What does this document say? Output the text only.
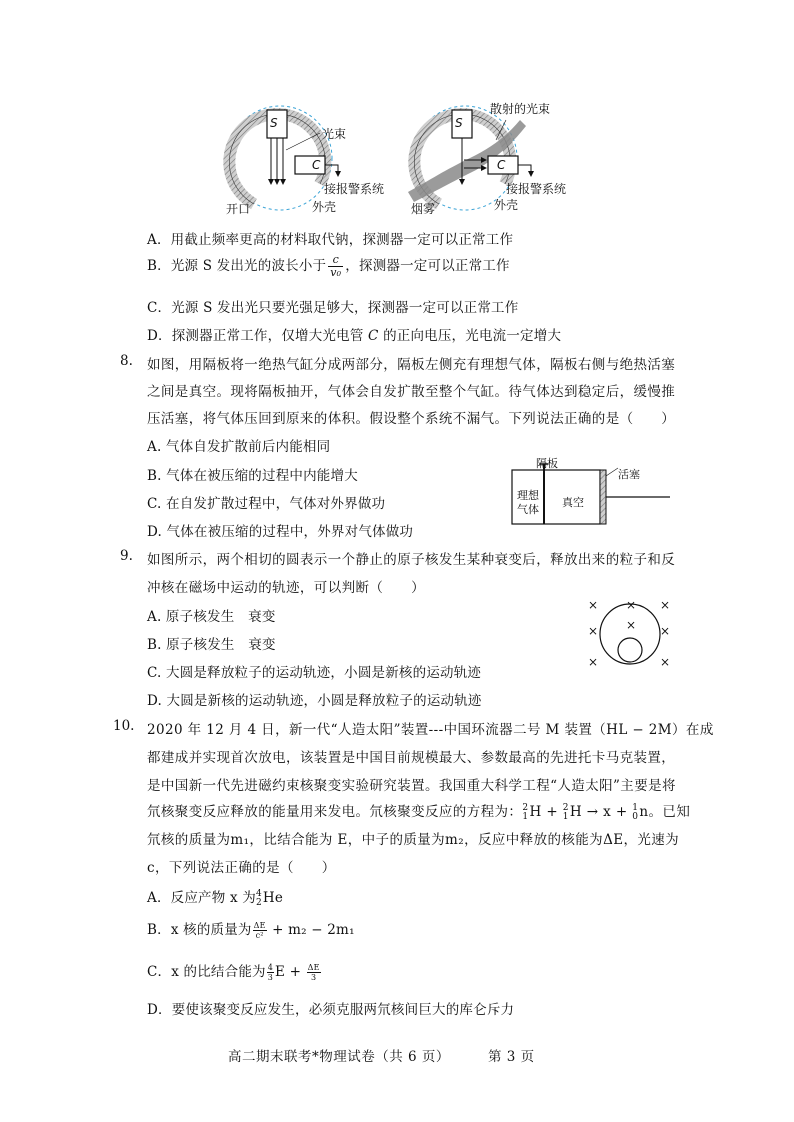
S
C
光束
接报警系统
开口	外壳
S
C
散射的光束
接报警系统
烟雾	外壳
A．用截止频率更高的材料取代钠，探测器一定可以正常工作
B．光源 S 发出光的波长小于 $\frac{c}{\text{v₀}}$ ，探测器一定可以正常工作
C．光源 S 发出光只要光强足够大，探测器一定可以正常工作
D．探测器正常工作，仅增大光电管 C 的正向电压，光电流一定增大
8. 如图，用隔板将一绝热气缸分成两部分，隔板左侧充有理想气体，隔板右侧与绝热活塞
之间是真空。现将隔板抽开，气体会自发扩散至整个气缸。待气体达到稳定后，缓慢推
压活塞，将气体压回到原来的体积。假设整个系统不漏气。下列说法正确的是（　　）
A. 气体自发扩散前后内能相同
B. 气体在被压缩的过程中内能增大
C. 在自发扩散过程中，气体对外界做功
D. 气体在被压缩的过程中，外界对气体做功
隔板
活塞
理想
气体
真空
9. 如图所示，两个相切的圆表示一个静止的原子核发生某种衰变后，释放出来的粒子和反
冲核在磁场中运动的轨迹，可以判断（　　）
A. 原子核发生　衰变
B. 原子核发生　衰变
C. 大圆是释放粒子的运动轨迹，小圆是新核的运动轨迹
D. 大圆是新核的运动轨迹，小圆是释放粒子的运动轨迹
× × ×
× × ×
×	×
10. 2020 年 12 月 4 日，新一代“人造太阳”装置---中国环流器二号 M 装置（HL − 2M）在成
都建成并实现首次放电，该装置是中国目前规模最大、参数最高的先进托卡马克装置，
是中国新一代先进磁约束核聚变实验研究装置。我国重大科学工程“人造太阳”主要是将
氘核聚变反应释放的能量用来发电。氘核聚变反应的方程为： 2
1 H + 2
1 H → x + 1
0 n。已知
氘核的质量为m₁，比结合能为 E，中子的质量为m₂，反应中释放的核能为ΔE，光速为
c，下列说法正确的是（　　）
A．反应产物 x 为 4
2 He
B．x 核的质量为 $\frac{\Delta E}{\text{c²}} + m_2 - 2m_1$
C．x 的比结合能为 $\frac{4}{3}$ $E + \frac{\Delta E}{3}$
D．要使该聚变反应发生，必须克服两氘核间巨大的库仑斥力
高二期末联考*物理试卷（共 6 页）	第 3 页
